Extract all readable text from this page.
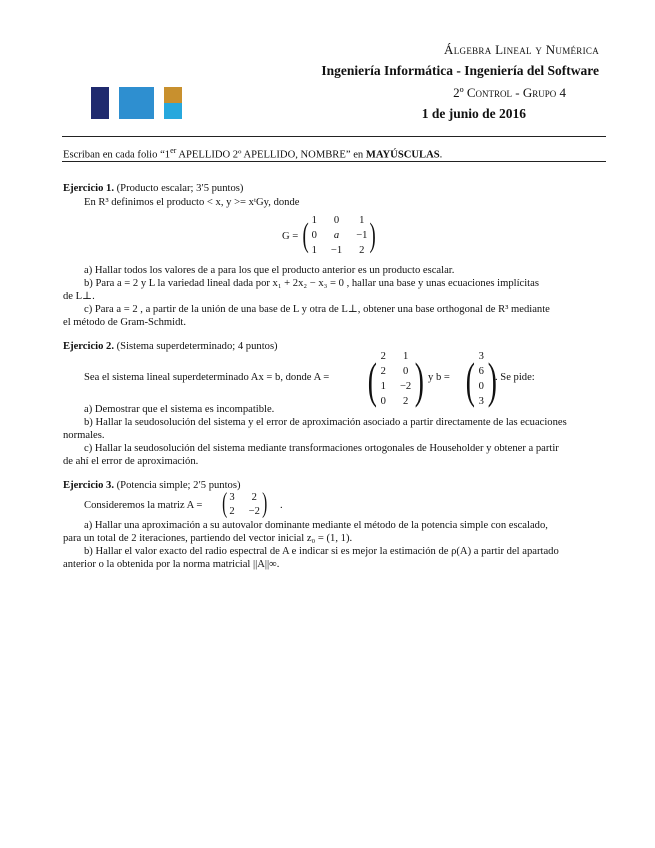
Álgebra Lineal y Numérica
Ingeniería Informática - Ingeniería del Software
2º Control - Grupo 4
1 de junio de 2016
Escriban en cada folio “1er APELLIDO 2º APELLIDO, NOMBRE” en MAYÚSCULAS.
Ejercicio 1. (Producto escalar; 3′5 puntos)
En R³ definimos el producto < x, y >= xᵗGy, donde
G = ( 1 0 1
0 a −1
1 −1 2 )
a) Hallar todos los valores de a para los que el producto anterior es un producto escalar.
b) Para a = 2 y L la variedad lineal dada por x₁ + 2x₂ − x₃ = 0 , hallar una base y unas ecuaciones implícitas
de L⊥.
c) Para a = 2 , a partir de la unión de una base de L y otra de L⊥, obtener una base orthogonal de R³ mediante
el método de Gram-Schmidt.
Ejercicio 2. (Sistema superdeterminado; 4 puntos)
Sea el sistema lineal superdeterminado Ax = b, donde A = ( 2 1
2 0
1 −2
0 2 ) y b = ( 3
6
0
3 )
. Se pide:
a) Demostrar que el sistema es incompatible.
b) Hallar la seudosolución del sistema y el error de aproximación asociado a partir directamente de las ecuaciones
normales.
c) Hallar la seudosolución del sistema mediante transformaciones ortogonales de Householder y obtener a partir
de ahí el error de aproximación.
Ejercicio 3. (Potencia simple; 2′5 puntos)
Consideremos la matriz A = ( 3 2
2 −2 ) .
a) Hallar una aproximación a su autovalor dominante mediante el método de la potencia simple con escalado,
para un total de 2 iteraciones, partiendo del vector inicial z₀ = (1, 1).
b) Hallar el valor exacto del radio espectral de A e indicar si es mejor la estimación de ρ(A) a partir del apartado
anterior o la obtenida por la norma matricial ||A||∞.
